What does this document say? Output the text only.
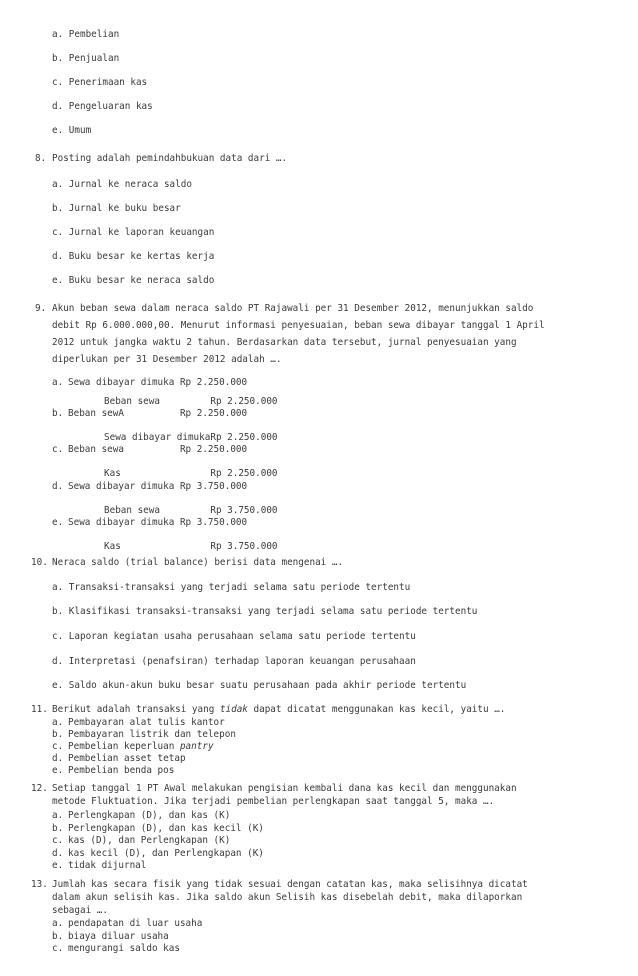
a. Pembelian
b. Penjualan
c. Penerimaan kas
d. Pengeluaran kas
e. Umum
8. Posting adalah pemindahbukuan data dari ….
a. Jurnal ke neraca saldo
b. Jurnal ke buku besar
c. Jurnal ke laporan keuangan
d. Buku besar ke kertas kerja
e. Buku besar ke neraca saldo
9. Akun beban sewa dalam neraca saldo PT Rajawali per 31 Desember 2012, menunjukkan saldo
debit Rp 6.000.000,00. Menurut informasi penyesuaian, beban sewa dibayar tanggal 1 April
2012 untuk jangka waktu 2 tahun. Berdasarkan data tersebut, jurnal penyesuaian yang
diperlukan per 31 Desember 2012 adalah ….
a. Sewa dibayar dimuka Rp 2.250.000
Beban sewa         Rp 2.250.000
b. Beban sewA          Rp 2.250.000
Sewa dibayar dimukaRp 2.250.000
c. Beban sewa          Rp 2.250.000
Kas                Rp 2.250.000
d. Sewa dibayar dimuka Rp 3.750.000
Beban sewa         Rp 3.750.000
e. Sewa dibayar dimuka Rp 3.750.000
Kas                Rp 3.750.000
10. Neraca saldo (trial balance) berisi data mengenai ….
a. Transaksi-transaksi yang terjadi selama satu periode tertentu
b. Klasifikasi transaksi-transaksi yang terjadi selama satu periode tertentu
c. Laporan kegiatan usaha perusahaan selama satu periode tertentu
d. Interpretasi (penafsiran) terhadap laporan keuangan perusahaan
e. Saldo akun-akun buku besar suatu perusahaan pada akhir periode tertentu
11. Berikut adalah transaksi yang tidak dapat dicatat menggunakan kas kecil, yaitu ….
a. Pembayaran alat tulis kantor
b. Pembayaran listrik dan telepon
c. Pembelian keperluan pantry
d. Pembelian asset tetap
e. Pembelian benda pos
12. Setiap tanggal 1 PT Awal melakukan pengisian kembali dana kas kecil dan menggunakan
metode Fluktuation. Jika terjadi pembelian perlengkapan saat tanggal 5, maka ….
a. Perlengkapan (D), dan kas (K)
b. Perlengkapan (D), dan kas kecil (K)
c. kas (D), dan Perlengkapan (K)
d. kas kecil (D), dan Perlengkapan (K)
e. tidak dijurnal
13. Jumlah kas secara fisik yang tidak sesuai dengan catatan kas, maka selisihnya dicatat
dalam akun selisih kas. Jika saldo akun Selisih kas disebelah debit, maka dilaporkan
sebagai ….
a. pendapatan di luar usaha
b. biaya diluar usaha
c. mengurangi saldo kas
